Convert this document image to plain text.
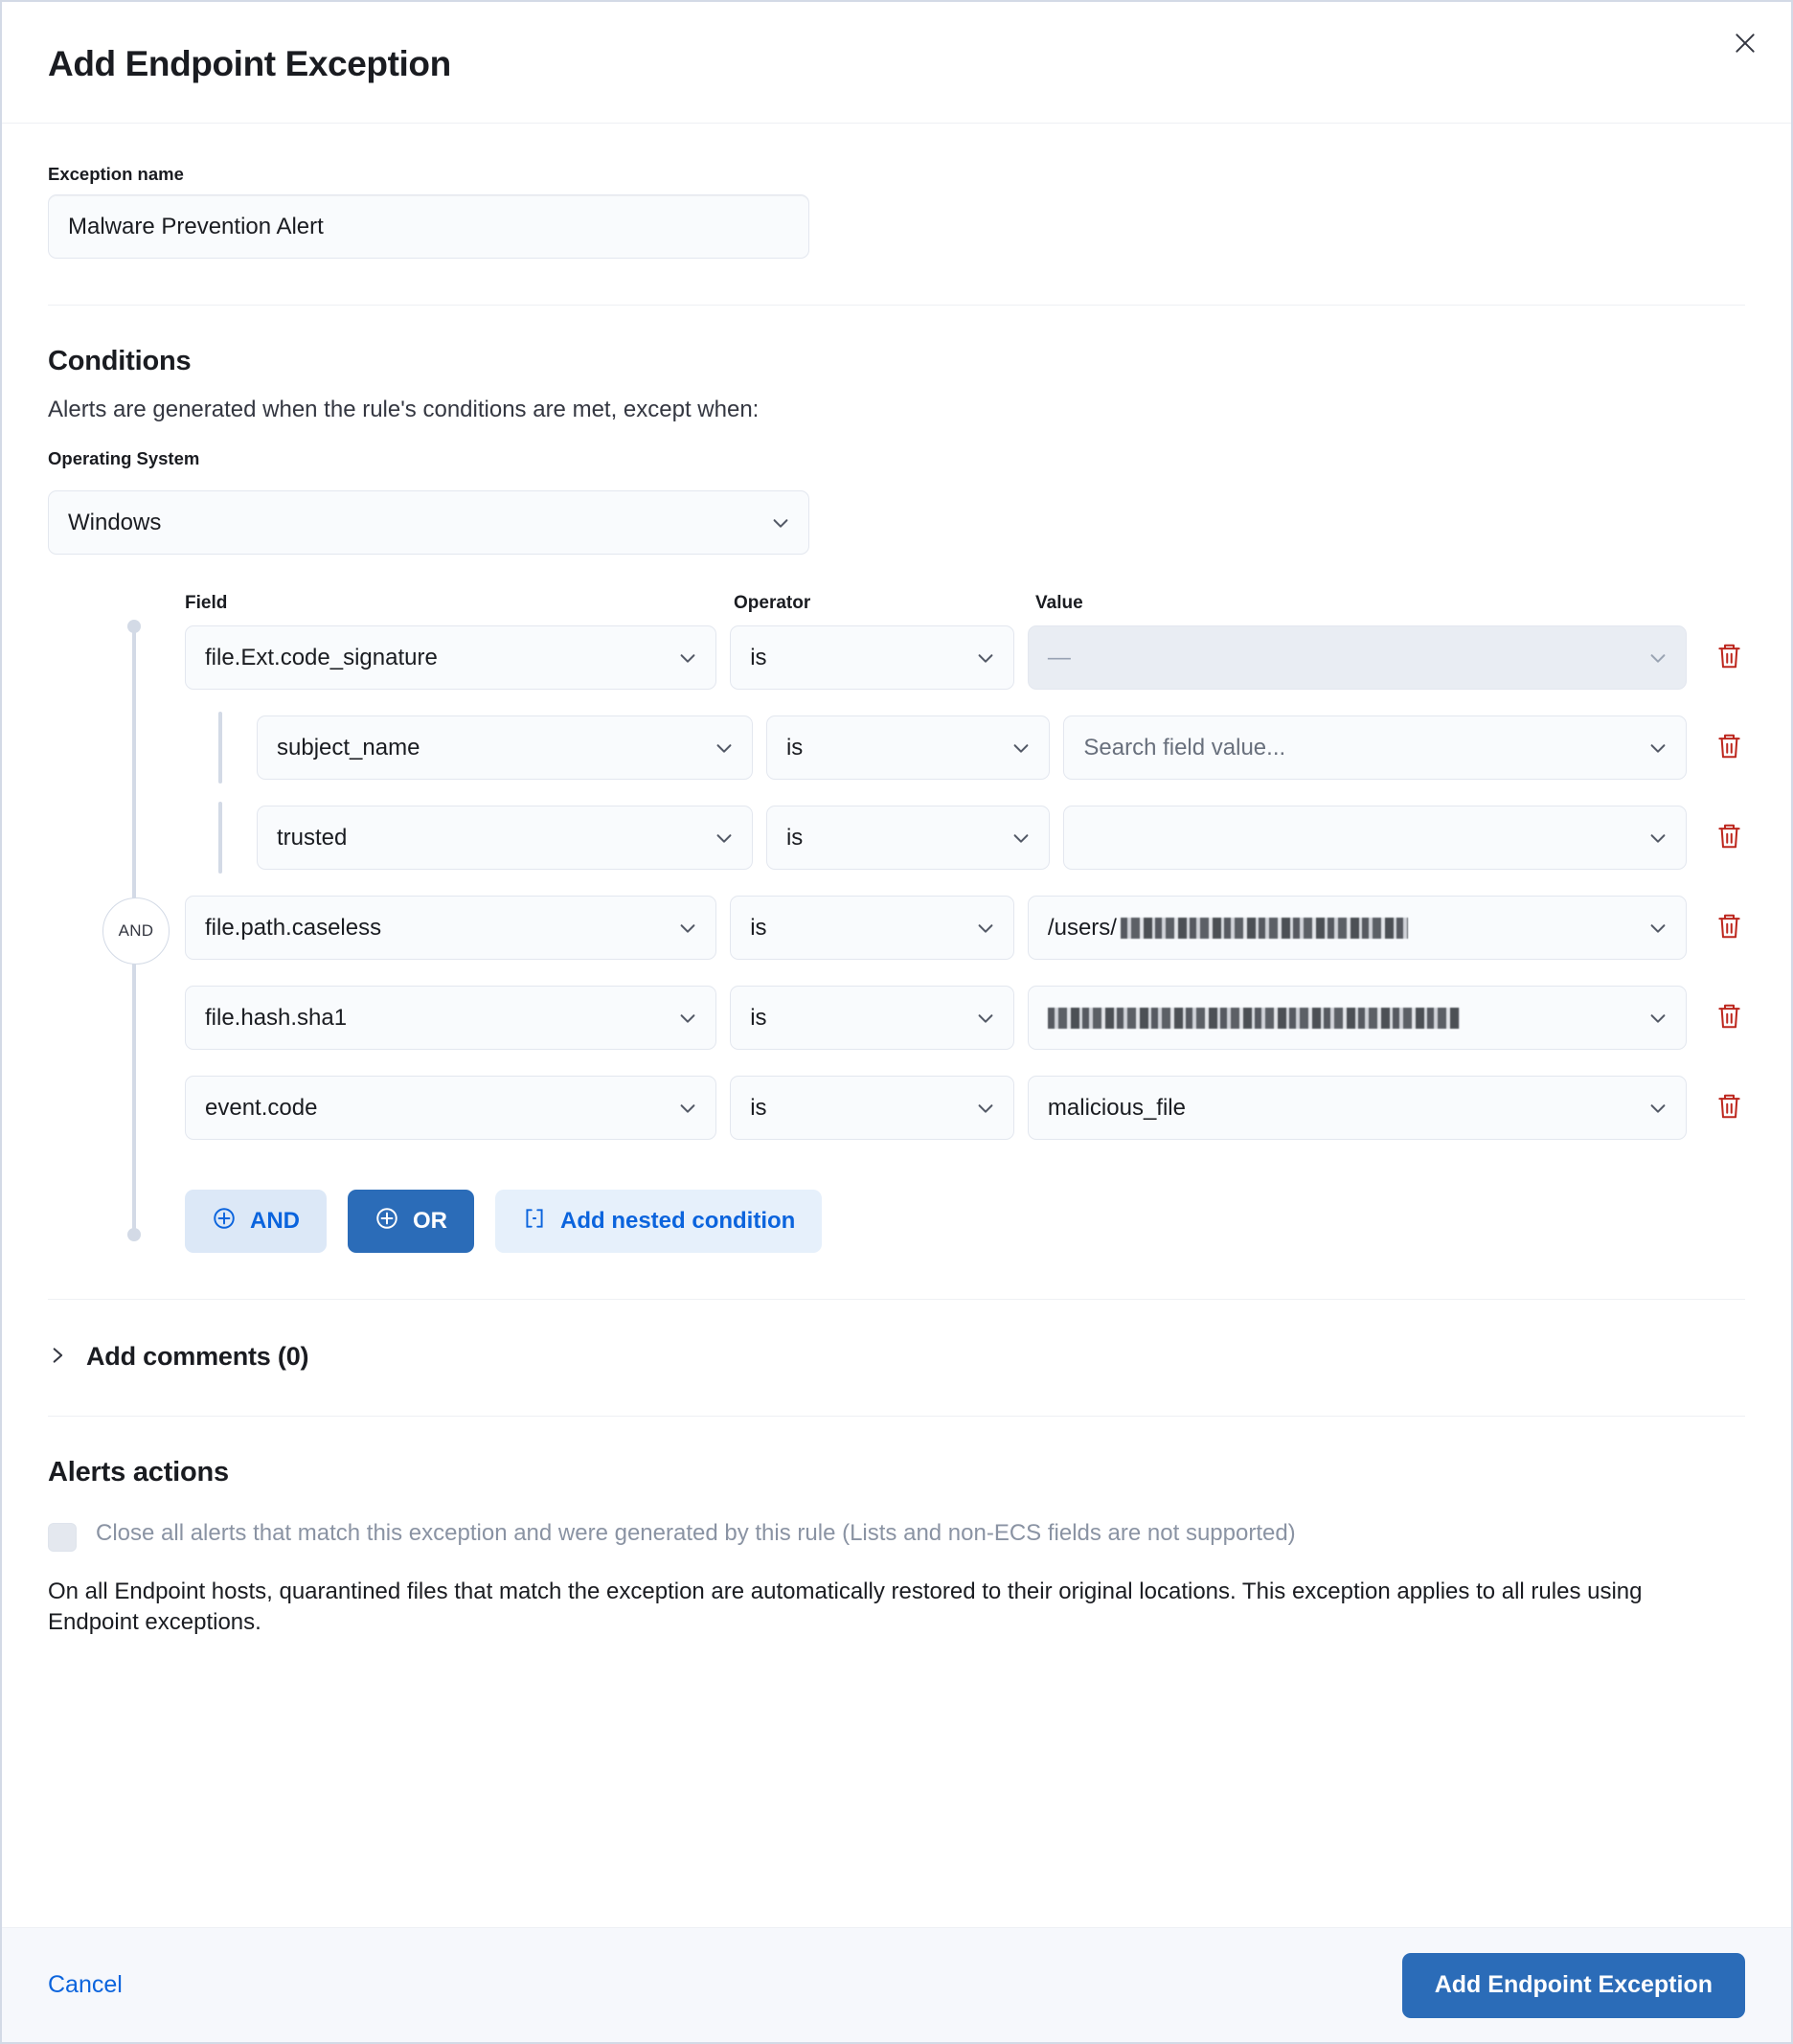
Add Endpoint Exception
Exception name
Malware Prevention Alert
Conditions

Alerts are generated when the rule's conditions are met, except when:

Operating System
Windows
AND
Field	Operator	Value
file.Ext.code_signature	is	—
subject_name	is	Search field value...
trusted	is
file.path.caseless	is	/users/
file.hash.sha1	is
event.code	is	malicious_file
AND	OR	Add nested condition
Add comments (0)
Alerts actions
Close all alerts that match this exception and were generated by this rule (Lists and non-ECS fields are not supported)

On all Endpoint hosts, quarantined files that match the exception are automatically restored to their original locations. This exception applies to all rules using Endpoint exceptions.

Cancel	Add Endpoint Exception
